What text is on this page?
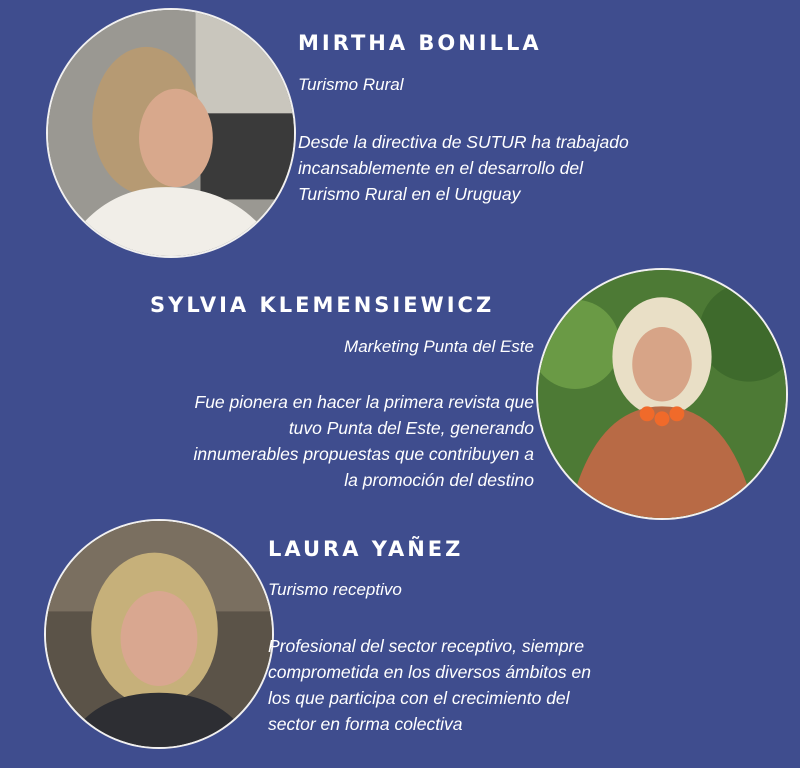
MIRTHA BONILLA
Turismo Rural
Desde la directiva de SUTUR ha trabajado
incansablemente en el desarrollo del
Turismo Rural en el Uruguay
SYLVIA KLEMENSIEWICZ
Marketing Punta del Este
Fue pionera en hacer la primera revista que
tuvo Punta del Este, generando
innumerables propuestas que contribuyen a
la promoción del destino
LAURA YAÑEZ
Turismo receptivo
Profesional del sector receptivo, siempre
comprometida en los diversos ámbitos en
los que participa con el crecimiento del
sector en forma colectiva
